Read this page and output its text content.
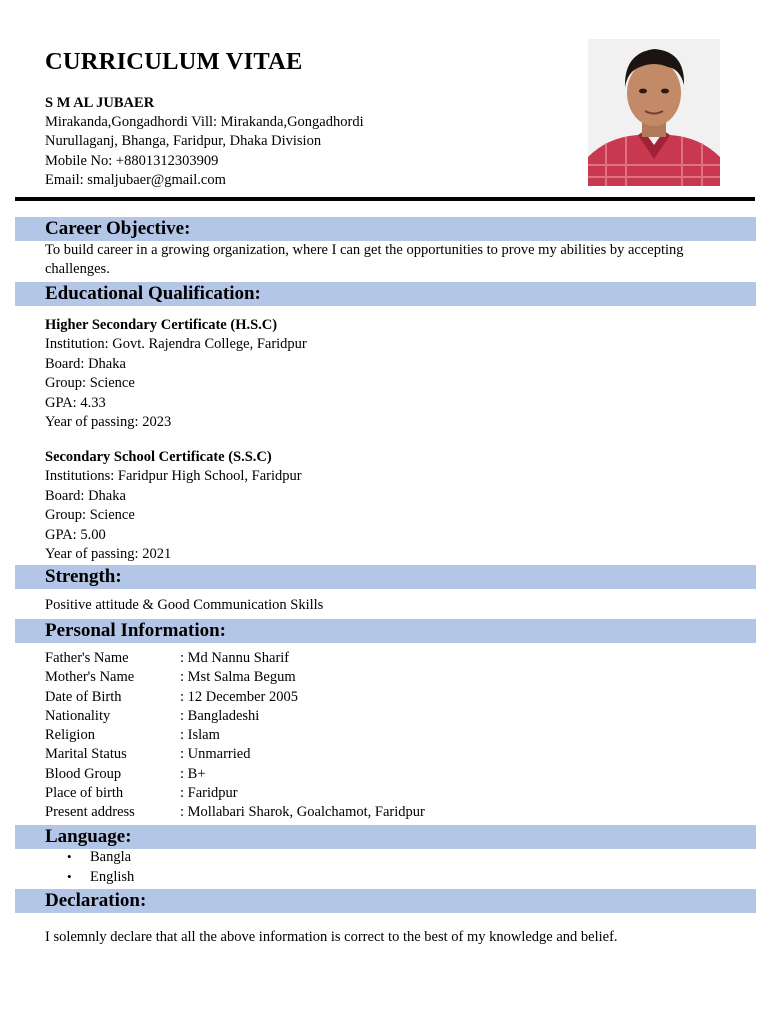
CURRICULUM VITAE
S M AL JUBAER
Mirakanda,Gongadhordi Vill: Mirakanda,Gongadhordi
Nurullaganj, Bhanga, Faridpur, Dhaka Division
Mobile No: +8801312303909
Email: smaljubaer@gmail.com
Career Objective:
To build career in a growing organization, where I can get the opportunities to prove my abilities by accepting
challenges.
Educational Qualification:
Higher Secondary Certificate (H.S.C)
Institution: Govt. Rajendra College, Faridpur
Board: Dhaka
Group: Science
GPA: 4.33
Year of passing: 2023
Secondary School Certificate (S.S.C)
Institutions: Faridpur High School, Faridpur
Board: Dhaka
Group: Science
GPA: 5.00
Year of passing: 2021
Strength:
Positive attitude & Good Communication Skills
Personal Information:
Father's Name	: Md Nannu Sharif
Mother's Name	: Mst Salma Begum
Date of Birth	: 12 December 2005
Nationality	: Bangladeshi
Religion	: Islam
Marital Status	: Unmarried
Blood Group	: B+
Place of birth	: Faridpur
Present address	: Mollabari Sharok, Goalchamot, Faridpur
Language:
• Bangla
• English
Declaration:
I solemnly declare that all the above information is correct to the best of my knowledge and belief.
